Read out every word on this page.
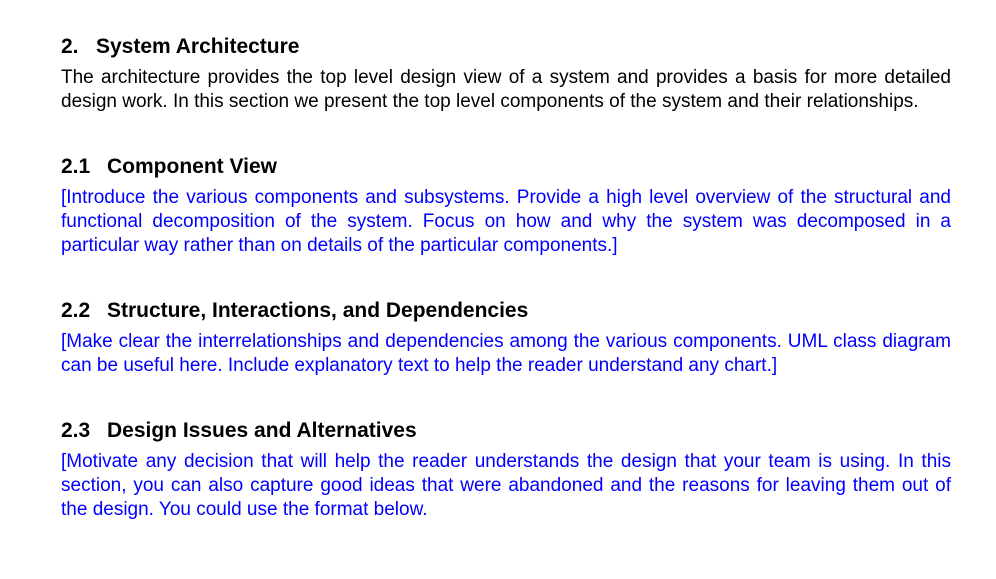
2. System Architecture

The architecture provides the top level design view of a system and provides a basis for more detailed design work. In this section we present the top level components of the system and their relationships.

2.1 Component View

[Introduce the various components and subsystems. Provide a high level overview of the structural and functional decomposition of the system. Focus on how and why the system was decomposed in a particular way rather than on details of the particular components.]

2.2 Structure, Interactions, and Dependencies

[Make clear the interrelationships and dependencies among the various components. UML class diagram can be useful here. Include explanatory text to help the reader understand any chart.]

2.3 Design Issues and Alternatives

[Motivate any decision that will help the reader understands the design that your team is using. In this section, you can also capture good ideas that were abandoned and the reasons for leaving them out of the design. You could use the format below.
